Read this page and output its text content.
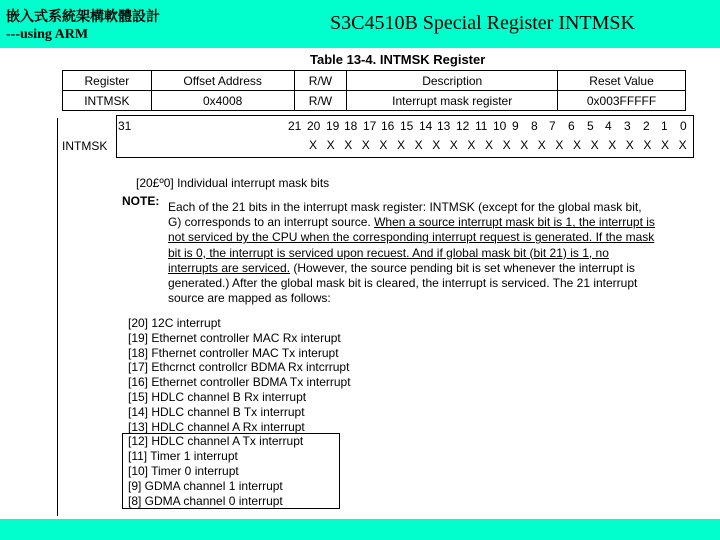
嵌入式系統架構軟體設計
---using ARM
S3C4510B Special Register INTMSK
Table 13-4. INTMSK Register
Register	Offset Address	R/W	Description	Reset Value
INTMSK	0x4008	R/W	Interrupt mask register	0x003FFFFF
INTMSK
31	21 20 19 18 17 16 15 14 13 12 11 10 9 8 7 6 5 4 3 2 1 0
X X X X X X X X X X X X X X X X X X X X X X
[20£º0] Individual interrupt mask bits
NOTE: Each of the 21 bits in the interrupt mask register: INTMSK (except for the global mask bit, G) corresponds to an interrupt source. When a source interrupt mask bit is 1, the interrupt is not serviced by the CPU when the corresponding interrupt request is generated. If the mask bit is 0, the interrupt is serviced upon recuest. And if global mask bit (bit 21) is 1, no interrupts are serviced. (However, the source pending bit is set whenever the interrupt is generated.) After the global mask bit is cleared, the interrupt is serviced. The 21 interrupt source are mapped as follows:

[20] 12C interrupt
[19] Ethernet controller MAC Rx interupt
[18] Fthernet controller MAC Tx interupt
[17] Ethcrnct controllcr BDMA Rx intcrrupt
[16] Ethernet controller BDMA Tx interrupt
[15] HDLC channel B Rx interrupt
[14] HDLC channel B Tx interrupt
[13] HDLC channel A Rx interrupt
[12] HDLC channel A Tx interrupt
[11] Timer 1 interrupt
[10] Timer 0 interrupt
[9] GDMA channel 1 interrupt
[8] GDMA channel 0 interrupt
